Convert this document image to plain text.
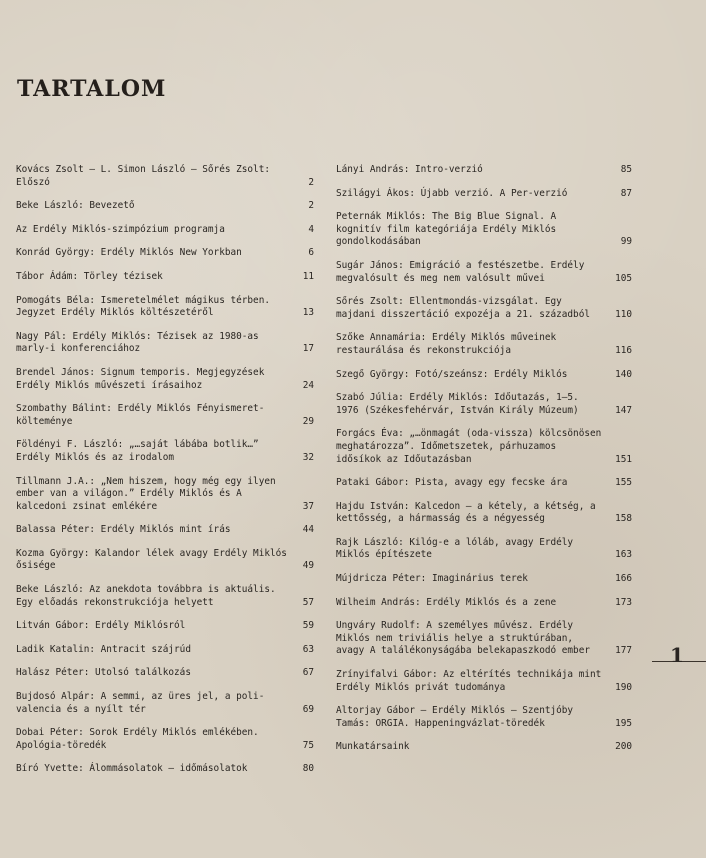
TARTALOM
Kovács Zsolt – L. Simon László – Sőrés Zsolt: Előszó	2
Beke László: Bevezető	2
Az Erdély Miklós-szimpózium programja	4
Konrád György: Erdély Miklós New Yorkban	6
Tábor Ádám: Törley tézisek	11
Pomogáts Béla: Ismeretelmélet mágikus térben. Jegyzet Erdély Miklós költészetéről	13
Nagy Pál: Erdély Miklós: Tézisek az 1980-as marly-i konferenciához	17
Brendel János: Signum temporis. Megjegyzések Erdély Miklós művészeti írásaihoz	24
Szombathy Bálint: Erdély Miklós Fényismeret-költeménye	29
Földényi F. László: „…saját lábába botlik…” Erdély Miklós és az irodalom	32
Tillmann J.A.: „Nem hiszem, hogy még egy ilyen ember van a világon.” Erdély Miklós és A kalcedoni zsinat emlékére	37
Balassa Péter: Erdély Miklós mint írás	44
Kozma György: Kalandor lélek avagy Erdély Miklós ősisége	49
Beke László: Az anekdota továbbra is aktuális. Egy előadás rekonstrukciója helyett	57
Litván Gábor: Erdély Miklósról	59
Ladik Katalin: Antracit szájrúd	63
Halász Péter: Utolsó találkozás	67
Bujdosó Alpár: A semmi, az üres jel, a poli-valencia és a nyílt tér	69
Dobai Péter: Sorok Erdély Miklós emlékében. Apológia-töredék	75
Bíró Yvette: Álommásolatok – időmásolatok	80
Lányi András: Intro-verzió	85
Szilágyi Ákos: Újabb verzió. A Per-verzió	87
Peternák Miklós: The Big Blue Signal. A kognitív film kategóriája Erdély Miklós gondolkodásában	99
Sugár János: Emigráció a festészetbe. Erdély megvalósult és meg nem valósult művei	105
Sőrés Zsolt: Ellentmondás-vizsgálat. Egy majdani disszertáció expozéja a 21. századból	110
Szőke Annamária: Erdély Miklós műveinek restaurálása és rekonstrukciója	116
Szegő György: Fotó/szeánsz: Erdély Miklós	140
Szabó Júlia: Erdély Miklós: Időutazás, 1–5. 1976 (Székesfehérvár, István Király Múzeum)	147
Forgács Éva: „…önmagát (oda-vissza) kölcsönösen meghatározza”. Időmetszetek, párhuzamos idősíkok az Időutazásban	151
Pataki Gábor: Pista, avagy egy fecske ára	155
Hajdu István: Kalcedon – a kétely, a kétség, a kettősség, a hármasság és a négyesség	158
Rajk László: Kilóg-e a lóláb, avagy Erdély Miklós építészete	163
Mújdricza Péter: Imaginárius terek	166
Wilheim András: Erdély Miklós és a zene	173
Ungváry Rudolf: A személyes művész. Erdély Miklós nem triviális helye a struktúrában, avagy A találékonyságába belekapaszkodó ember	177
Zrínyifalvi Gábor: Az eltérítés technikája mint Erdély Miklós privát tudománya	190
Altorjay Gábor – Erdély Miklós – Szentjóby Tamás: ORGIA. Happeningvázlat-töredék	195
Munkatársaink	200
1
